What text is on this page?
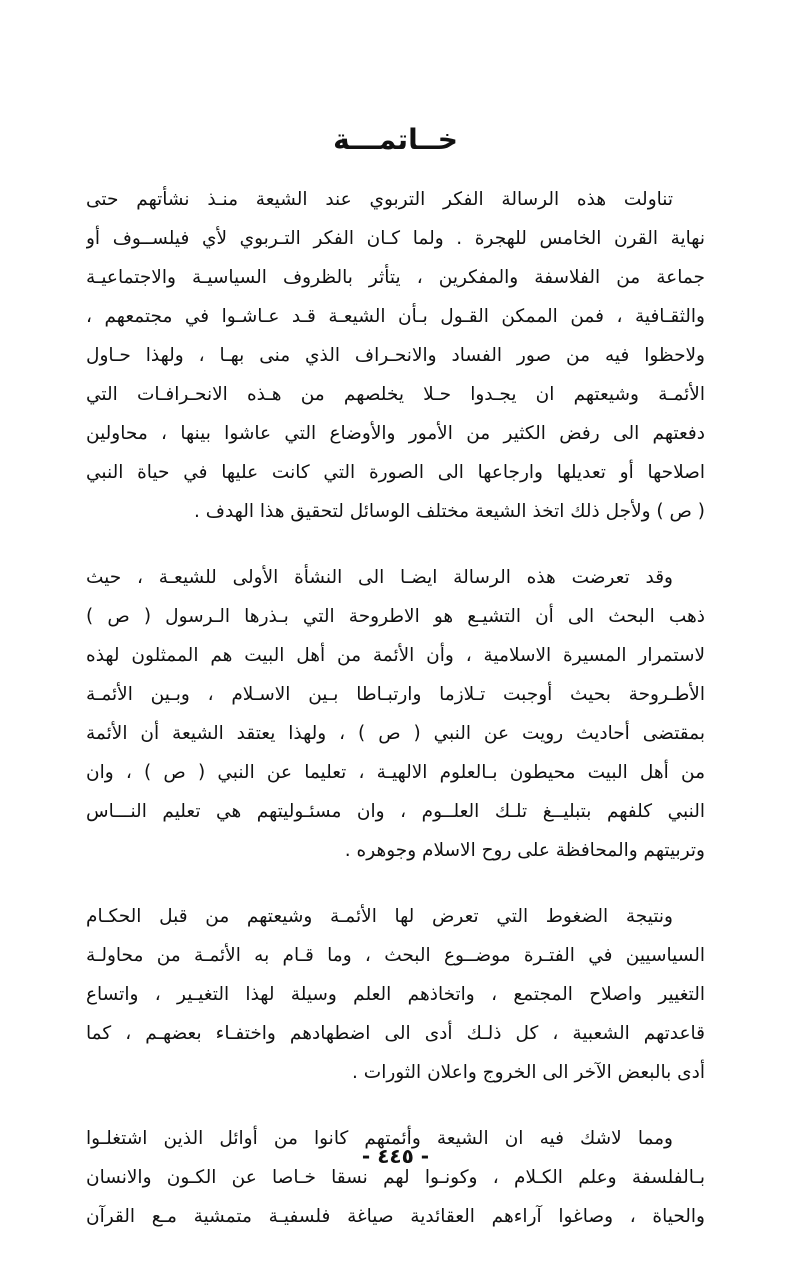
خــاتمـــة

تناولت هذه الرسالة الفكر التربوي عند الشيعة منـذ نشأتهم حتى
نهاية القرن الخامس للهجرة . ولما كـان الفكر التـربوي لأي فيلســوف أو
جماعة من الفلاسفة والمفكرين ، يتأثر بالظروف السياسيـة والاجتماعيـة
والثقـافية ، فمن الممكن القـول بـأن الشيعـة قـد عـاشـوا في مجتمعهم ،
ولاحظوا فيه من صور الفساد والانحـراف الذي منى بهـا ، ولهذا حـاول
الأئمـة وشيعتهم ان يجـدوا حـلا يخلصهم من هـذه الانحـرافـات التي
دفعتهم الى رفض الكثير من الأمور والأوضاع التي عاشوا بينها ، محاولين
اصلاحها أو تعديلها وارجاعها الى الصورة التي كانت عليها في حياة النبي
( ص ) ولأجل ذلك اتخذ الشيعة مختلف الوسائل لتحقيق هذا الهدف .

وقد تعرضت هذه الرسالة ايضـا الى النشأة الأولى للشيعـة ، حيث
ذهب البحث الى أن التشيـع هو الاطروحة التي بـذرها الـرسول ( ص )
لاستمرار المسيرة الاسلامية ، وأن الأئمة من أهل البيت هم الممثلون لهذه
الأطـروحة بحيث أوجبت تـلازما وارتبـاطا بـين الاسـلام ، وبـين الأئمـة
بمقتضى أحاديث رويت عن النبي ( ص ) ، ولهذا يعتقد الشيعة أن الأئمة
من أهل البيت محيطون بـالعلوم الالهيـة ، تعليما عن النبي ( ص ) ، وان
النبي كلفهم بتبليــغ تلـك العلــوم ، وان مسئـوليتهم هي تعليم النـــاس
وتربيتهم والمحافظة على روح الاسلام وجوهره .

ونتيجة الضغوط التي تعرض لها الأئمـة وشيعتهم من قبل الحكـام
السياسيين في الفتـرة موضــوع البحث ، وما قـام به الأئمـة من محاولـة
التغيير واصلاح المجتمع ، واتخاذهم العلم وسيلة لهذا التغيـير ، واتساع
قاعدتهم الشعبية ، كل ذلـك أدى الى اضطهادهم واختفـاء بعضهـم ، كما
أدى بالبعض الآخر الى الخروج واعلان الثورات .

ومما لاشك فيه ان الشيعة وأئمتهم كانوا من أوائل الذين اشتغلـوا
بـالفلسفة وعلم الكـلام ، وكونـوا لهم نسقا خـاصا عن الكـون والانسان
والحياة ، وصاغوا آراءهم العقائدية صياغة فلسفيـة متمشية مـع القرآن

- ٤٤٥ -
